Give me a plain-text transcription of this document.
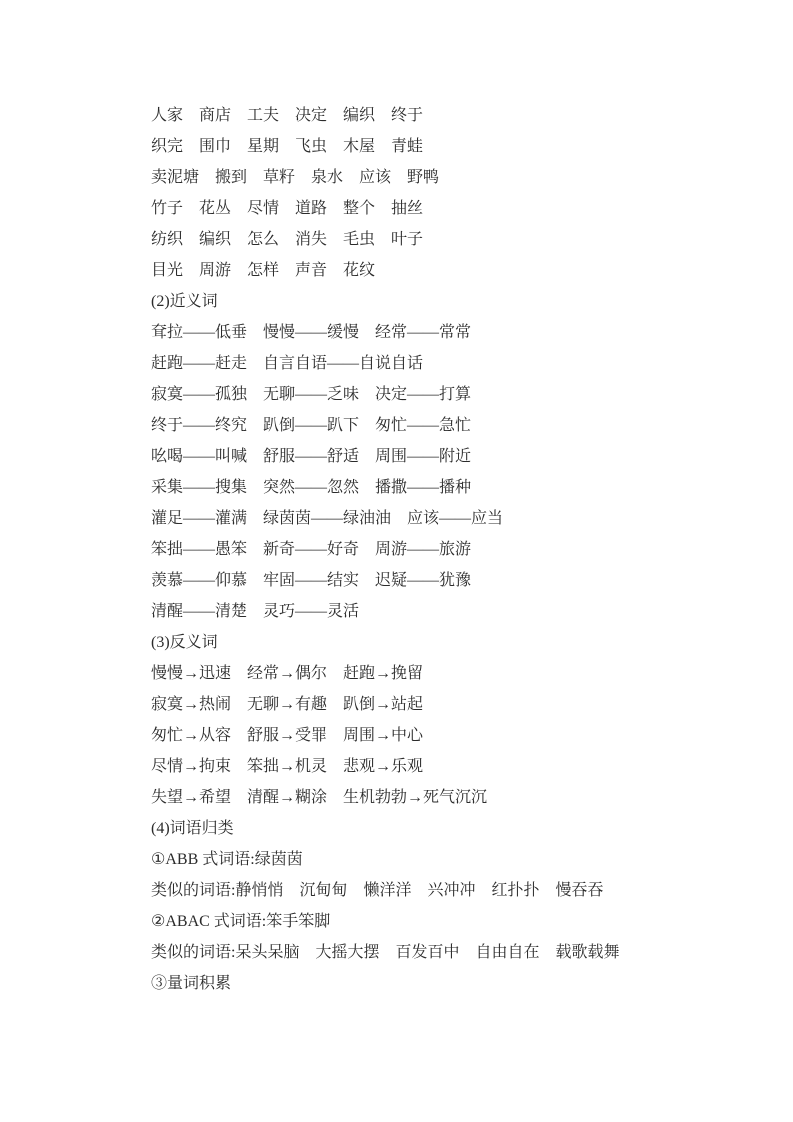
人家　商店　工夫　决定　编织　终于

织完　围巾　星期　飞虫　木屋　青蛙

卖泥塘　搬到　草籽　泉水　应该　野鸭

竹子　花丛　尽情　道路　整个　抽丝

纺织　编织　怎么　消失　毛虫　叶子

目光　周游　怎样　声音　花纹

(2)近义词

耷拉——低垂　慢慢——缓慢　经常——常常

赶跑——赶走　自言自语——自说自话

寂寞——孤独　无聊——乏味　决定——打算

终于——终究　趴倒——趴下　匆忙——急忙

吆喝——叫喊　舒服——舒适　周围——附近

采集——搜集　突然——忽然　播撒——播种

灌足——灌满　绿茵茵——绿油油　应该——应当

笨拙——愚笨　新奇——好奇　周游——旅游

羡慕——仰慕　牢固——结实　迟疑——犹豫

清醒——清楚　灵巧——灵活

(3)反义词

慢慢→迅速　经常→偶尔　赶跑→挽留

寂寞→热闹　无聊→有趣　趴倒→站起

匆忙→从容　舒服→受罪　周围→中心

尽情→拘束　笨拙→机灵　悲观→乐观

失望→希望　清醒→糊涂　生机勃勃→死气沉沉

(4)词语归类

①ABB 式词语:绿茵茵

类似的词语:静悄悄　沉甸甸　懒洋洋　兴冲冲　红扑扑　慢吞吞

②ABAC 式词语:笨手笨脚

类似的词语:呆头呆脑　大摇大摆　百发百中　自由自在　载歌载舞

③量词积累
